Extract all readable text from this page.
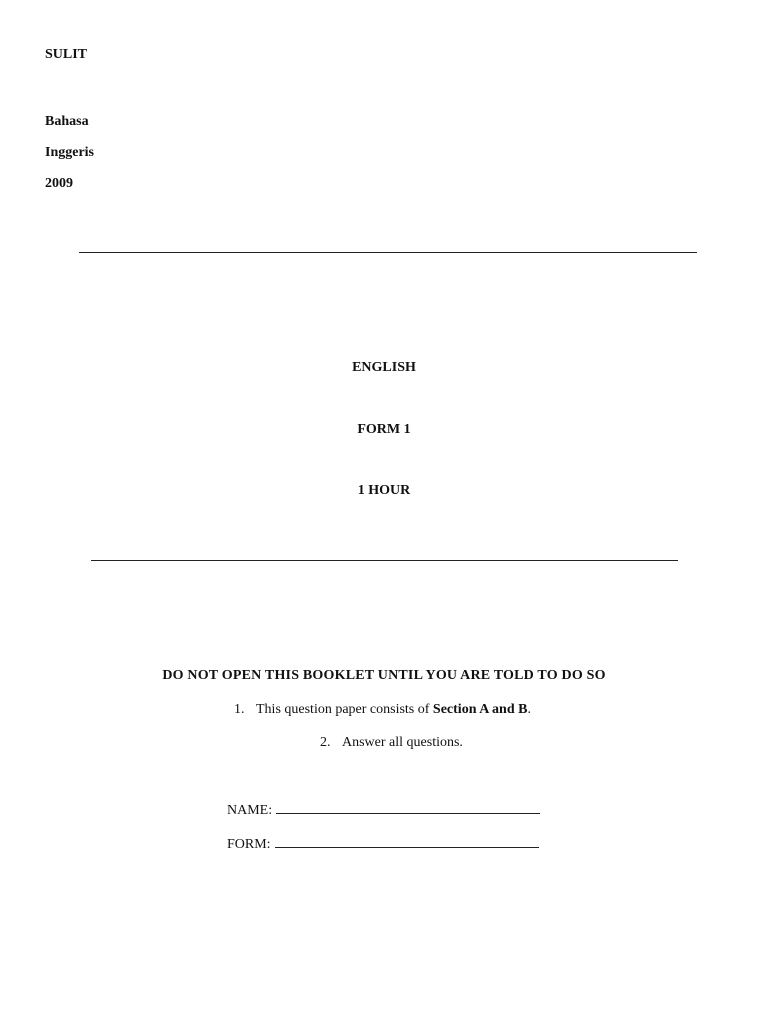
SULIT
Bahasa
Inggeris
2009
ENGLISH
FORM 1
1 HOUR
DO NOT OPEN THIS BOOKLET UNTIL YOU ARE TOLD TO DO SO
1. This question paper consists of Section A and B.
2. Answer all questions.
NAME:
FORM:
